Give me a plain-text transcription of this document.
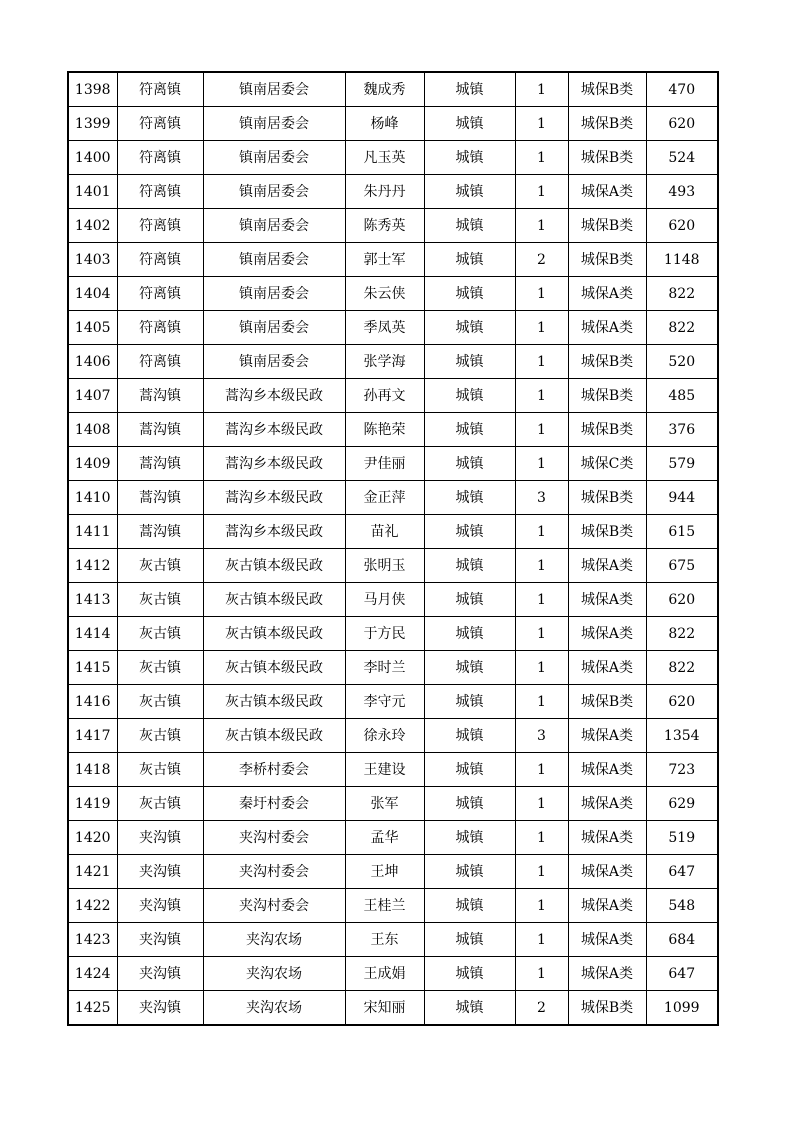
1398	符离镇	镇南居委会	魏成秀	城镇	1	城保B类	470
1399	符离镇	镇南居委会	杨峰	城镇	1	城保B类	620
1400	符离镇	镇南居委会	凡玉英	城镇	1	城保B类	524
1401	符离镇	镇南居委会	朱丹丹	城镇	1	城保A类	493
1402	符离镇	镇南居委会	陈秀英	城镇	1	城保B类	620
1403	符离镇	镇南居委会	郭士军	城镇	2	城保B类	1148
1404	符离镇	镇南居委会	朱云侠	城镇	1	城保A类	822
1405	符离镇	镇南居委会	季凤英	城镇	1	城保A类	822
1406	符离镇	镇南居委会	张学海	城镇	1	城保B类	520
1407	蒿沟镇	蒿沟乡本级民政	孙再文	城镇	1	城保B类	485
1408	蒿沟镇	蒿沟乡本级民政	陈艳荣	城镇	1	城保B类	376
1409	蒿沟镇	蒿沟乡本级民政	尹佳丽	城镇	1	城保C类	579
1410	蒿沟镇	蒿沟乡本级民政	金正萍	城镇	3	城保B类	944
1411	蒿沟镇	蒿沟乡本级民政	苗礼	城镇	1	城保B类	615
1412	灰古镇	灰古镇本级民政	张明玉	城镇	1	城保A类	675
1413	灰古镇	灰古镇本级民政	马月侠	城镇	1	城保A类	620
1414	灰古镇	灰古镇本级民政	于方民	城镇	1	城保A类	822
1415	灰古镇	灰古镇本级民政	李时兰	城镇	1	城保A类	822
1416	灰古镇	灰古镇本级民政	李守元	城镇	1	城保B类	620
1417	灰古镇	灰古镇本级民政	徐永玲	城镇	3	城保A类	1354
1418	灰古镇	李桥村委会	王建设	城镇	1	城保A类	723
1419	灰古镇	秦圩村委会	张军	城镇	1	城保A类	629
1420	夹沟镇	夹沟村委会	孟华	城镇	1	城保A类	519
1421	夹沟镇	夹沟村委会	王坤	城镇	1	城保A类	647
1422	夹沟镇	夹沟村委会	王桂兰	城镇	1	城保A类	548
1423	夹沟镇	夹沟农场	王东	城镇	1	城保A类	684
1424	夹沟镇	夹沟农场	王成娟	城镇	1	城保A类	647
1425	夹沟镇	夹沟农场	宋知丽	城镇	2	城保B类	1099
